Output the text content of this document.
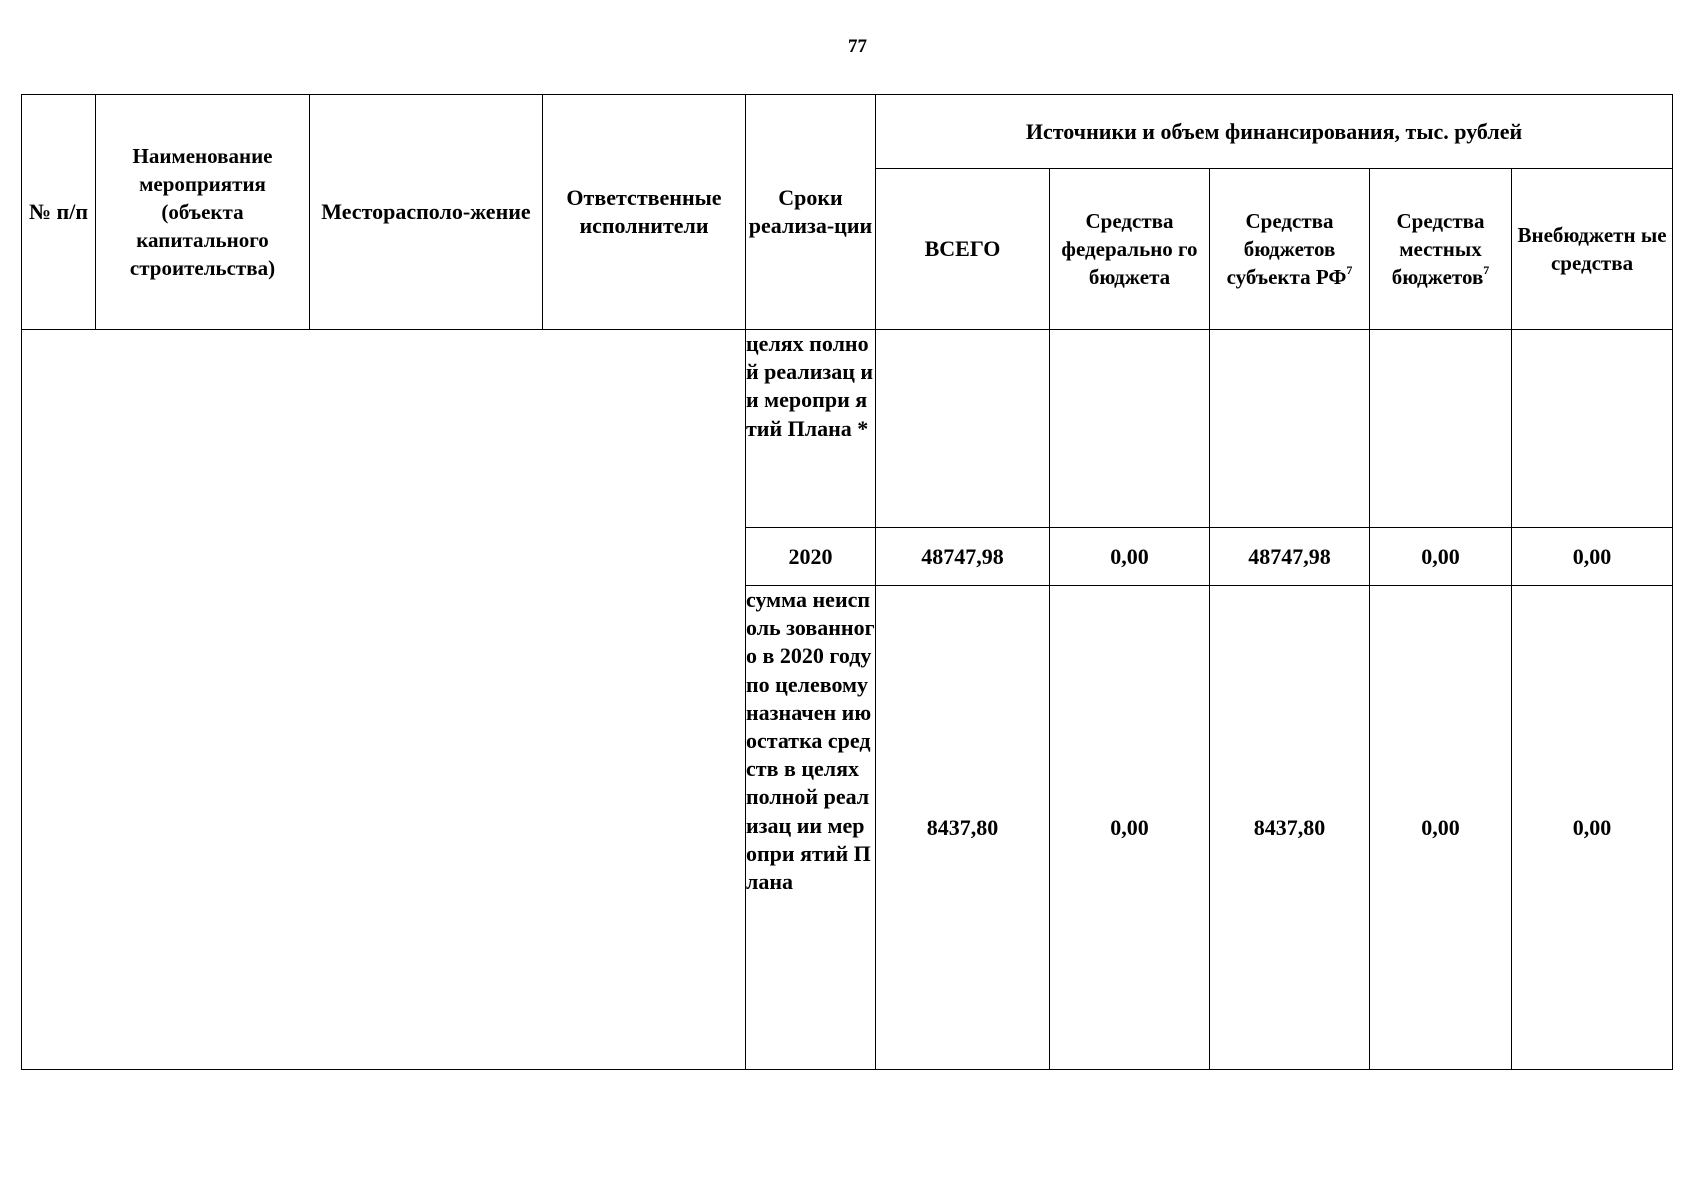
77
№ п/п	Наименование мероприятия (объекта капитального строительства)	Месторасполо-жение	Ответственные исполнители	Сроки реализа-ции	Источники и объем финансирования, тыс. рублей				
					ВСЕГО	Средства федерально го бюджета	Средства бюджетов субъекта $РФ^7$	Средства местных бюджетов$^7$	Внебюджетн ые средства
				целях полной реализац ии меропри ятий Плана *					
				2020	48747,98	0,00	48747,98	0,00	0,00
				сумма неисполь зованног о в 2020 году по целевому назначен ию остатка средств в целях полной реализац ии меропри ятий Плана	8437,80	0,00	8437,80	0,00	0,00
